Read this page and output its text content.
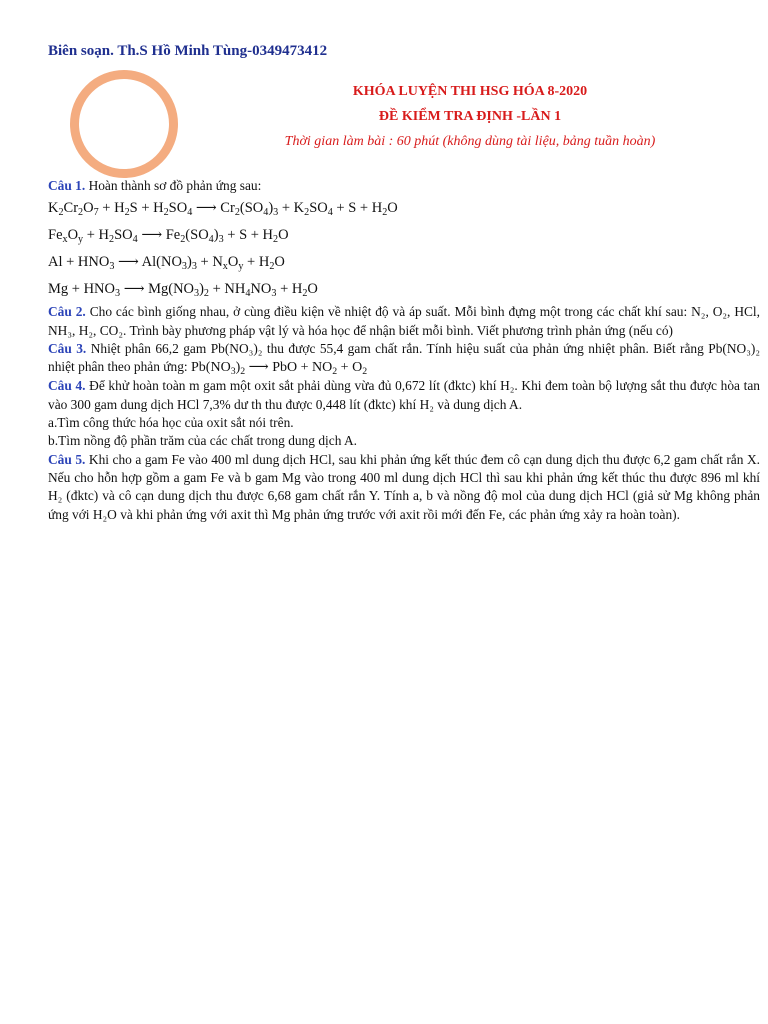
Biên soạn. Th.S Hồ Minh Tùng-0349473412
KHÓA LUYỆN THI HSG HÓA 8-2020
ĐỀ KIỂM TRA ĐỊNH -LẦN 1
Thời gian làm bài : 60 phút (không dùng tài liệu, bảng tuần hoàn)

Câu 1. Hoàn thành sơ đồ phản ứng sau:

$K_2Cr_2O_7 + H_2S + H_2SO_4$ ⟶ $Cr_2(SO_4)_3 + K_2SO_4 + S + H_2O$
$Fe_xO_y + H_2SO_4$ ⟶ $Fe_2(SO_4)_3 + S + H_2O$
$Al + HNO_3$ ⟶ $Al(NO_3)_3 + N_xO_y + H_2O$
$Mg + HNO_3$ ⟶ $Mg(NO_3)_2 + NH_4NO_3 + H_2O$

Câu 2. Cho các bình giống nhau, ở cùng điều kiện về nhiệt độ và áp suất. Mỗi bình đựng một trong các chất khí sau: N₂, O₂, HCl, NH₃, H₂, CO₂. Trình bày phương pháp vật lý và hóa học để nhận biết mỗi bình. Viết phương trình phản ứng (nếu có)

Câu 3. Nhiệt phân 66,2 gam Pb(NO₃)₂ thu được 55,4 gam chất rắn. Tính hiệu suất của phản ứng nhiệt phân. Biết rằng Pb(NO₃)₂ nhiệt phân theo phản ứng: $Pb(NO_3)_2$ ⟶ PbO + $NO_2 + O_2$

Câu 4. Để khử hoàn toàn m gam một oxit sắt phải dùng vừa đủ 0,672 lít (đktc) khí H₂. Khi đem toàn bộ lượng sắt thu được hòa tan vào 300 gam dung dịch HCl 7,3% dư th thu được 0,448 lít (đktc) khí H₂ và dung dịch A.

a.Tìm công thức hóa học của oxit sắt nói trên.

b.Tìm nồng độ phần trăm của các chất trong dung dịch A.

Câu 5. Khi cho a gam Fe vào 400 ml dung dịch HCl, sau khi phản ứng kết thúc đem cô cạn dung dịch thu được 6,2 gam chất rắn X. Nếu cho hỗn hợp gồm a gam Fe và b gam Mg vào trong 400 ml dung dịch HCl thì sau khi phản ứng kết thúc thu được 896 ml khí H₂ (đktc) và cô cạn dung dịch thu được 6,68 gam chất rắn Y. Tính a, b và nồng độ mol của dung dịch HCl (giả sử Mg không phản ứng với H₂O và khi phản ứng với axit thì Mg phản ứng trước với axit rồi mới đến Fe, các phản ứng xảy ra hoàn toàn).
